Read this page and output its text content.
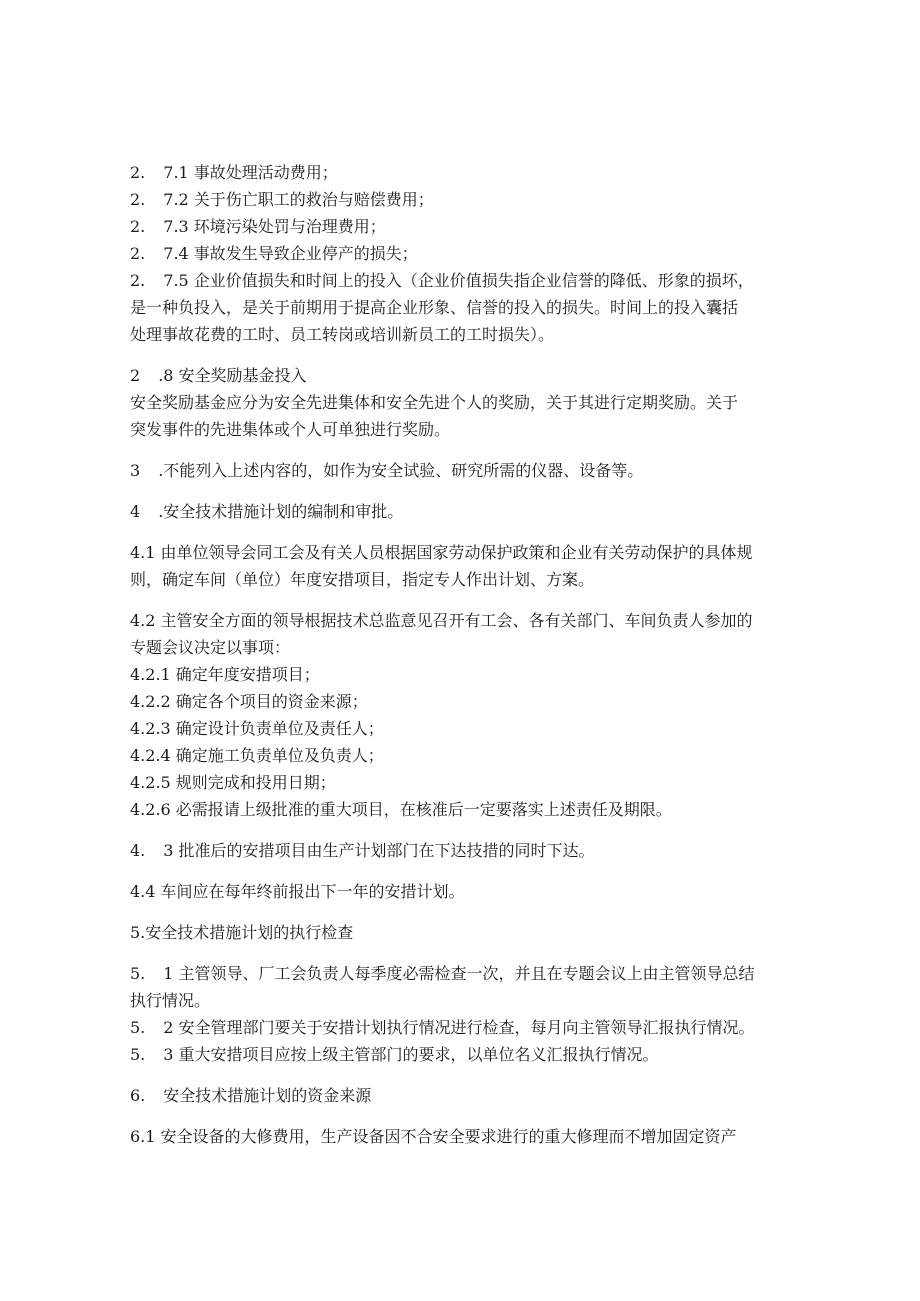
2. 7.1 事故处理活动费用；
2. 7.2 关于伤亡职工的救治与赔偿费用；
2. 7.3 环境污染处罚与治理费用；
2. 7.4 事故发生导致企业停产的损失；
2. 7.5 企业价值损失和时间上的投入（企业价值损失指企业信誉的降低、形象的损坏，
是一种负投入，是关于前期用于提高企业形象、信誉的投入的损失。时间上的投入囊括
处理事故花费的工时、员工转岗或培训新员工的工时损失）。
2 .8 安全奖励基金投入
安全奖励基金应分为安全先进集体和安全先进个人的奖励，关于其进行定期奖励。关于
突发事件的先进集体或个人可单独进行奖励。
3 .不能列入上述内容的，如作为安全试验、研究所需的仪器、设备等。
4 .安全技术措施计划的编制和审批。
4.1 由单位领导会同工会及有关人员根据国家劳动保护政策和企业有关劳动保护的具体规
则，确定车间（单位）年度安措项目，指定专人作出计划、方案。
4.2 主管安全方面的领导根据技术总监意见召开有工会、各有关部门、车间负责人参加的
专题会议决定以事项：
4.2.1 确定年度安措项目；
4.2.2 确定各个项目的资金来源；
4.2.3 确定设计负责单位及责任人；
4.2.4 确定施工负责单位及负责人；
4.2.5 规则完成和投用日期；
4.2.6 必需报请上级批准的重大项目，在核准后一定要落实上述责任及期限。
4. 3 批准后的安措项目由生产计划部门在下达技措的同时下达。
4.4 车间应在每年终前报出下一年的安措计划。
5.安全技术措施计划的执行检查
5. 1 主管领导、厂工会负责人每季度必需检查一次，并且在专题会议上由主管领导总结
执行情况。
5. 2 安全管理部门要关于安措计划执行情况进行检查，每月向主管领导汇报执行情况。
5. 3 重大安措项目应按上级主管部门的要求，以单位名义汇报执行情况。
6. 安全技术措施计划的资金来源
6.1 安全设备的大修费用，生产设备因不合安全要求进行的重大修理而不增加固定资产
